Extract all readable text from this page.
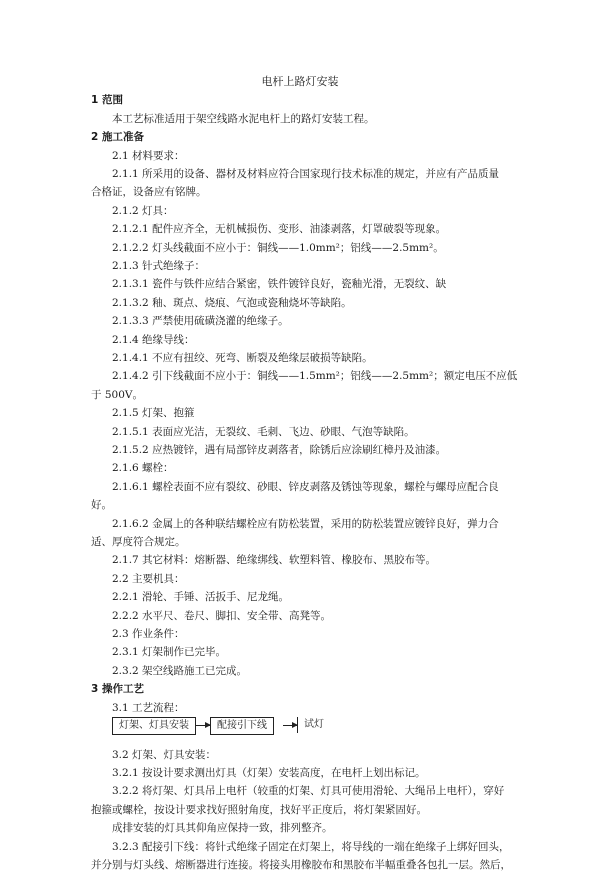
电杆上路灯安装
1 范围
本工艺标准适用于架空线路水泥电杆上的路灯安装工程。
2 施工准备
2.1 材料要求：
2.1.1 所采用的设备、器材及材料应符合国家现行技术标准的规定，并应有产品质量
合格证，设备应有铭牌。
2.1.2 灯具：
2.1.2.1 配件应齐全，无机械损伤、变形、油漆剥落，灯罩破裂等现象。
2.1.2.2 灯头线截面不应小于：铜线——1.0mm²；铝线——2.5mm²。
2.1.3 针式绝缘子：
2.1.3.1 瓷件与铁件应结合紧密，铁件镀锌良好，瓷釉光滑，无裂纹、缺
2.1.3.2 釉、斑点、烧痕、气泡或瓷釉烧坏等缺陷。
2.1.3.3 严禁使用硫磺浇灌的绝缘子。
2.1.4 绝缘导线：
2.1.4.1 不应有扭绞、死弯、断裂及绝缘层破损等缺陷。
2.1.4.2 引下线截面不应小于：铜线——1.5mm²；铝线——2.5mm²；额定电压不应低
于 500V。
2.1.5 灯架、抱箍
2.1.5.1 表面应光洁，无裂纹、毛刺、飞边、砂眼、气泡等缺陷。
2.1.5.2 应热镀锌，遇有局部锌皮剥落者，除锈后应涂刷红樟丹及油漆。
2.1.6 螺栓：
2.1.6.1 螺栓表面不应有裂纹、砂眼、锌皮剥落及锈蚀等现象，螺栓与螺母应配合良
好。
2.1.6.2 金属上的各种联结螺栓应有防松装置，采用的防松装置应镀锌良好，弹力合
适、厚度符合规定。
2.1.7 其它材料：熔断器、绝缘绑线、软塑料管、橡胶布、黑胶布等。
2.2 主要机具：
2.2.1 滑轮、手锤、活扳手、尼龙绳。
2.2.2 水平尺、卷尺、脚扣、安全带、高凳等。
2.3 作业条件：
2.3.1 灯架制作已完毕。
2.3.2 架空线路施工已完成。
3 操作工艺
3.1 工艺流程：
灯架、灯具安装	配接引下线	试灯
3.2 灯架、灯具安装：
3.2.1 按设计要求测出灯具（灯架）安装高度，在电杆上划出标记。
3.2.2 将灯架、灯具吊上电杆（较重的灯架、灯具可使用滑轮、大绳吊上电杆），穿好
抱箍或螺栓，按设计要求找好照射角度，找好平正度后，将灯架紧固好。
成排安装的灯具其仰角应保持一致，排列整齐。
3.2.3 配接引下线：将针式绝缘子固定在灯架上，将导线的一端在绝缘子上绑好回头，
并分别与灯头线、熔断器进行连接。将接头用橡胶布和黑胶布半幅重叠各包扎一层。然后，
